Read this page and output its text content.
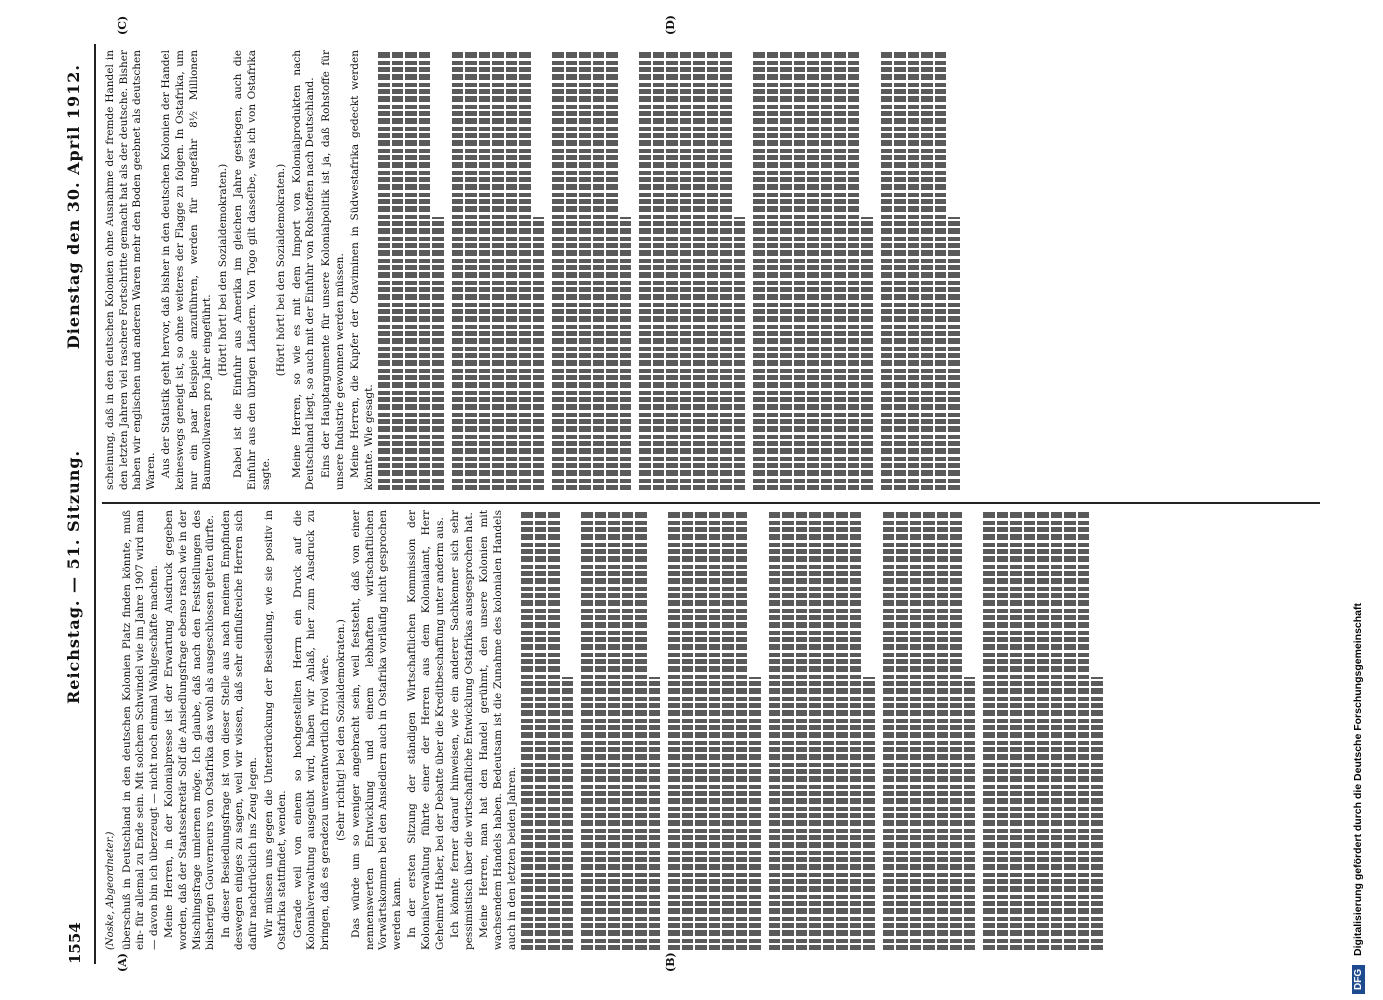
1554
Reichstag. — 51. Sitzung.
Dienstag den 30. April 1912.
(A)	(B)
(C)	(D)
(Noske, Abgeordneter.) überschuß in Deutschland in den deutschen Kolonien Platz finden könnte, muß ein- für allemal zu Ende sein. Mit solchem Schwindel wie im Jahre 1907 wird man — davon bin ich überzeugt — nicht noch einmal Wahlgeschäfte machen. Meine Herren, in der Kolonialpresse ist der Erwartung Ausdruck gegeben worden, daß der Staatssekretär Solf die Ansiedlungsfrage ebenso rasch wie in der Mischlingsfrage umlernen möge. Ich glaube, daß nach den Feststellungen des bisherigen Gouverneurs von Ostafrika das wohl als ausgeschlossen gelten dürfte. In dieser Besiedlungsfrage ist von dieser Stelle aus nach meinem Empfinden deswegen einiges zu sagen, weil wir wissen, daß sehr einflußreiche Herren sich dafür nachdrücklich ins Zeug legen. Wir müssen uns gegen die Unterdrückung der Besiedlung, wie sie positiv in Ostafrika stattfindet, wenden. Gerade weil von einem so hochgestellten Herrn ein Druck auf die Kolonialverwaltung ausgeübt wird, haben wir Anlaß, hier zum Ausdruck zu bringen, daß es geradezu unverantwortlich frivol wäre. (Sehr richtig! bei den Sozialdemokraten.) Das würde um so weniger angebracht sein, weil feststeht, daß von einer nennenswerten Entwicklung und einem lebhaften wirtschaftlichen Vorwärtskommen bei den Ansiedlern auch in Ostafrika vorläufig nicht gesprochen werden kann. In der ersten Sitzung der ständigen Wirtschaftlichen Kommission der Kolonialverwaltung führte einer der Herren aus dem Kolonialamt, Herr Geheimrat Haber, bei der Debatte über die Kreditbeschaffung unter anderm aus. Ich könnte ferner darauf hinweisen, wie ein anderer Sachkenner sich sehr pessimistisch über die wirtschaftliche Entwicklung Ostafrikas ausgesprochen hat. Meine Herren, man hat den Handel gerühmt, den unsere Kolonien mit wachsendem Handels haben. Bedeutsam ist die Zunahme des kolonialen Handels auch in den letzten beiden Jahren.

scheinung, daß in den deutschen Kolonien ohne Ausnahme der fremde Handel in den letzten Jahren viel raschere Fortschritte gemacht hat als der deutsche. Bisher haben wir englischen und anderen Waren mehr den Boden geebnet als deutschen Waren. Aus der Statistik geht hervor, daß bisher in den deutschen Kolonien der Handel keineswegs geneigt ist, so ohne weiteres der Flagge zu folgen. In Ostafrika, um nur ein paar Beispiele anzuführen, werden für ungefähr 8½ Millionen Baumwollwaren pro Jahr eingeführt.

(Hört! hört! bei den Sozialdemokraten.) Dabei ist die Einfuhr aus Amerika im gleichen Jahre gestiegen, auch die Einfuhr aus den übrigen Ländern. Von Togo gilt dasselbe, was ich von Ostafrika sagte.

(Hört! hört! bei den Sozialdemokraten.) Meine Herren, so wie es mit dem Import von Kolonialprodukten nach Deutschland liegt, so auch mit der Einfuhr von Rohstoffen nach Deutschland. Eins der Hauptargumente für unsere Kolonialpolitik ist ja, daß Rohstoffe für unsere Industrie gewonnen werden müssen. Meine Herren, die Kupfer der Otaviminen in Südwestafrika gedeckt werden könnte. Wie gesagt.

DFG Digitalisierung gefördert durch die Deutsche Forschungsgemeinschaft
